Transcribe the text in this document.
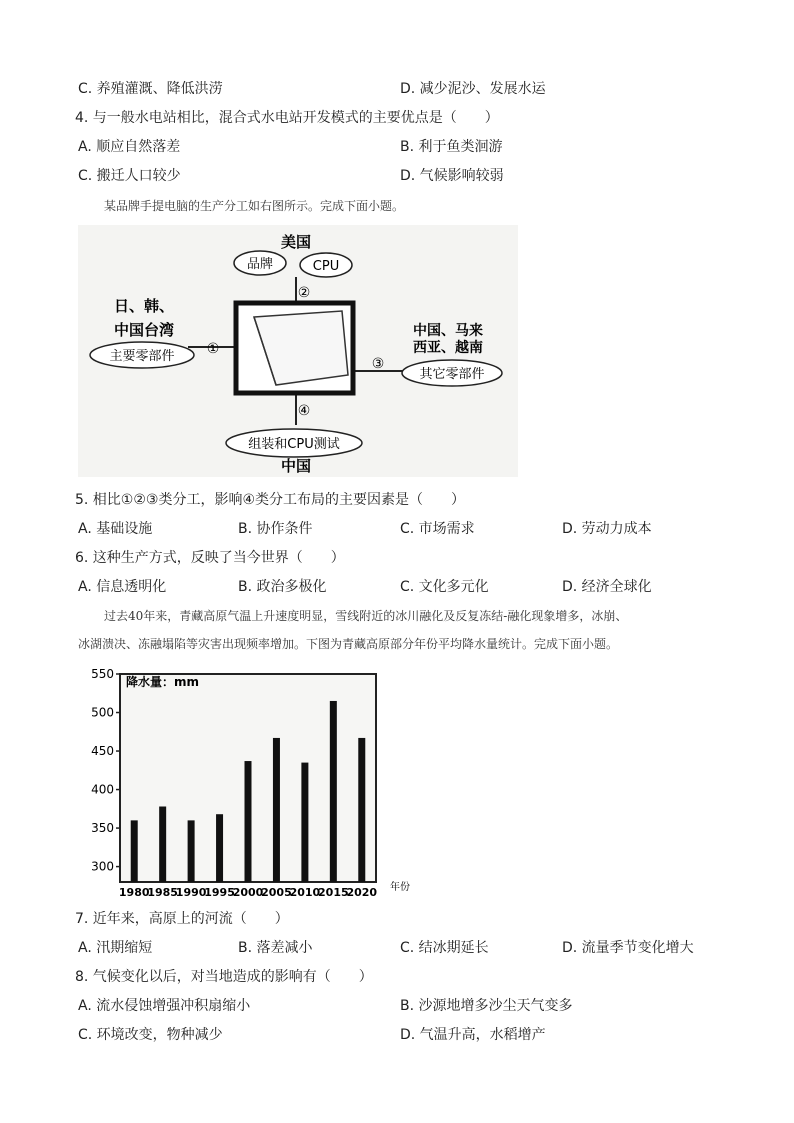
C. 养殖灌溉、降低洪涝	D. 减少泥沙、发展水运
4. 与一般水电站相比，混合式水电站开发模式的主要优点是（　　）
A. 顺应自然落差	B. 利于鱼类洄游
C. 搬迁人口较少	D. 气候影响较弱
某品牌手提电脑的生产分工如右图所示。完成下面小题。
美国
品牌	CPU
②
日、韩、
中国台湾
主要零部件 ①
中国、马来
西亚、越南
其它零部件
③
④
组装和CPU测试
中国
5. 相比①②③类分工，影响④类分工布局的主要因素是（　　）
A. 基础设施	B. 协作条件	C. 市场需求	D. 劳动力成本
6. 这种生产方式，反映了当今世界（　　）
A. 信息透明化	B. 政治多极化	C. 文化多元化	D. 经济全球化
过去40年来，青藏高原气温上升速度明显，雪线附近的冰川融化及反复冻结-融化现象增多，冰崩、
冰湖溃决、冻融塌陷等灾害出现频率增加。下图为青藏高原部分年份平均降水量统计。完成下面小题。
降水量：mm
年份
300
350
400
450
500
550
1980
1985
1990
1995
2000
2005
2010
2015
2020
7. 近年来，高原上的河流（　　）
A. 汛期缩短	B. 落差减小	C. 结冰期延长	D. 流量季节变化增大
8. 气候变化以后，对当地造成的影响有（　　）
A. 流水侵蚀增强冲积扇缩小	B. 沙源地增多沙尘天气变多
C. 环境改变，物种减少	D. 气温升高，水稻增产
